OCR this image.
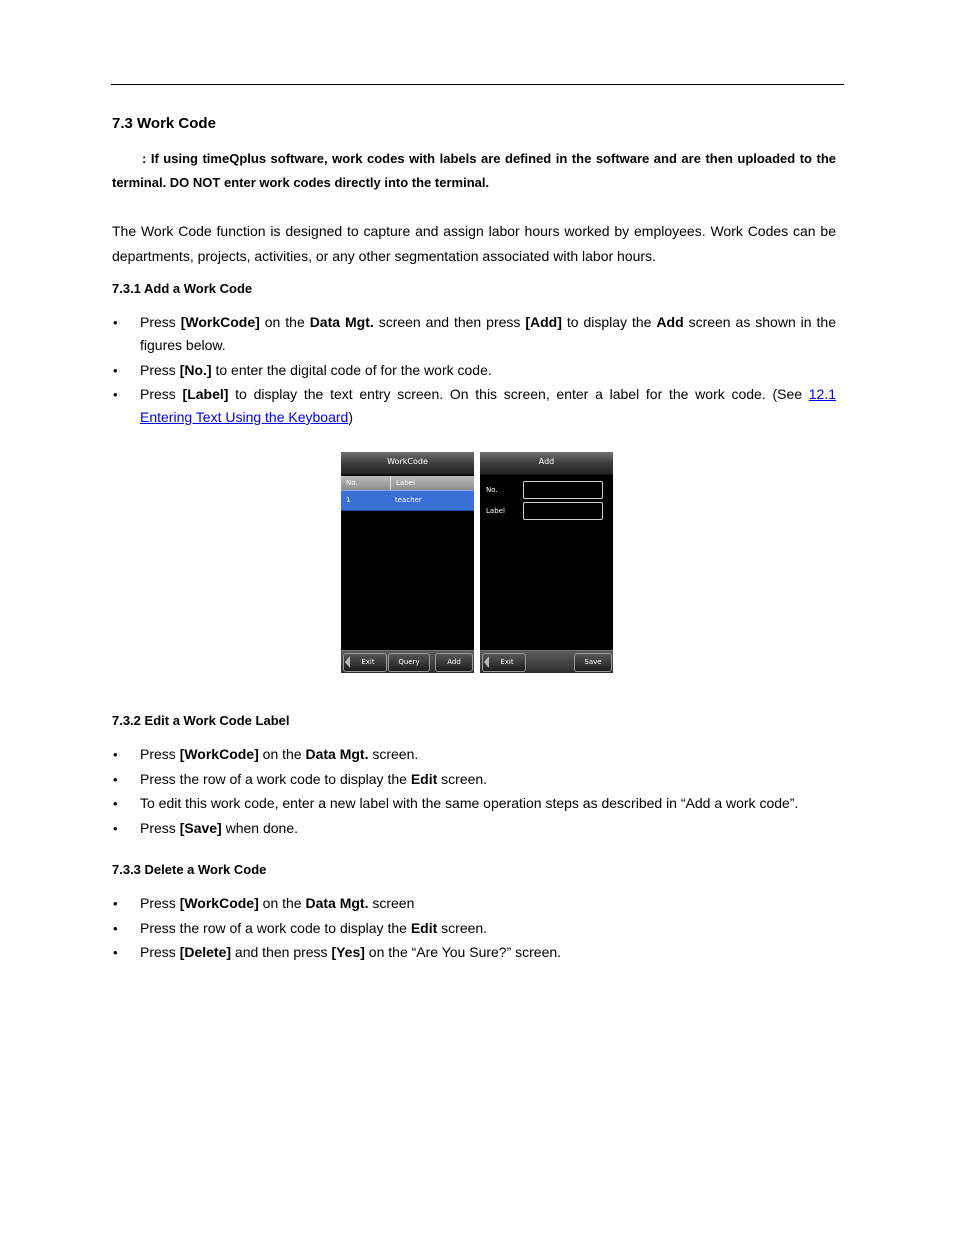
7.3 Work Code
: If using timeQplus software, work codes with labels are defined in the software and are then uploaded to the terminal. DO NOT enter work codes directly into the terminal.
The Work Code function is designed to capture and assign labor hours worked by employees. Work Codes can be departments, projects, activities, or any other segmentation associated with labor hours.
7.3.1 Add a Work Code
• Press [WorkCode] on the Data Mgt. screen and then press [Add] to display the Add screen as shown in the figures below.
• Press [No.] to enter the digital code of for the work code.
• Press [Label] to display the text entry screen. On this screen, enter a label for the work code. (See 12.1 Entering Text Using the Keyboard)
WorkCode
No.	Label
1	teacher
Exit	Query	Add
Add
No.
Label
Exit	Save
7.3.2 Edit a Work Code Label
• Press [WorkCode] on the Data Mgt. screen.
• Press the row of a work code to display the Edit screen.
• To edit this work code, enter a new label with the same operation steps as described in “Add a work code”.
• Press [Save] when done.
7.3.3 Delete a Work Code
• Press [WorkCode] on the Data Mgt. screen
• Press the row of a work code to display the Edit screen.
• Press [Delete] and then press [Yes] on the “Are You Sure?” screen.
